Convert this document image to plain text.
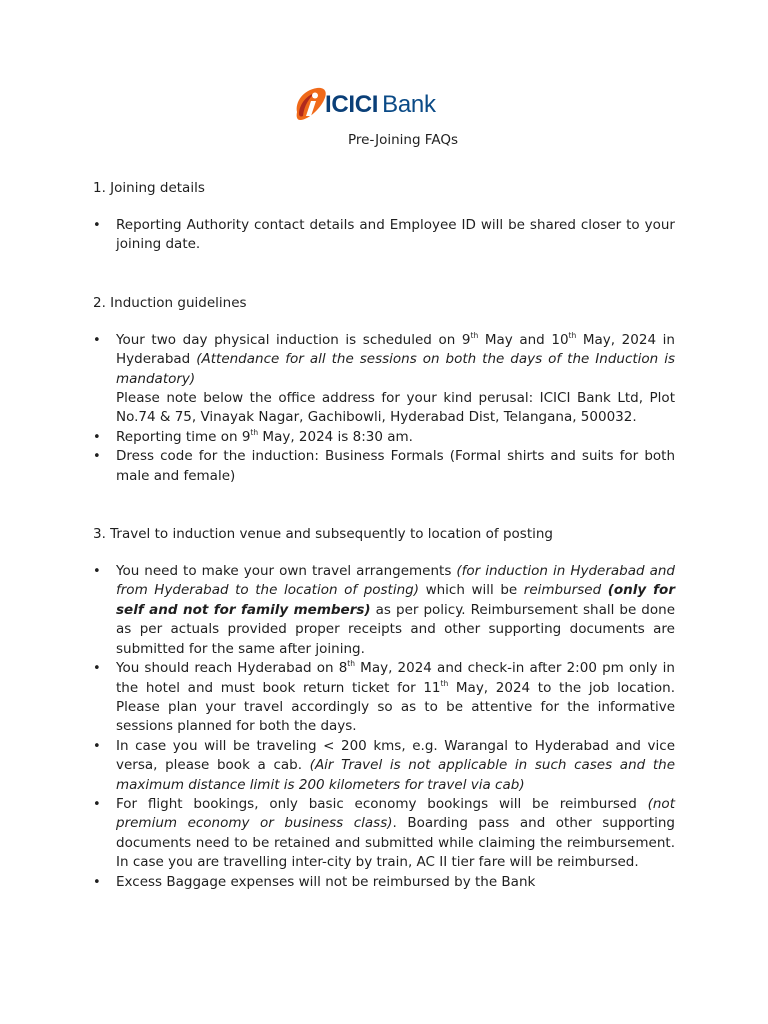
ICICI Bank
Pre-Joining FAQs

1. Joining details

• Reporting Authority contact details and Employee ID will be shared closer to your joining date.

2. Induction guidelines

• Your two day physical induction is scheduled on 9th May and 10th May, 2024 in Hyderabad (Attendance for all the sessions on both the days of the Induction is mandatory)
Please note below the office address for your kind perusal: ICICI Bank Ltd, Plot No.74 & 75, Vinayak Nagar, Gachibowli, Hyderabad Dist, Telangana, 500032.
• Reporting time on 9th May, 2024 is 8:30 am.
• Dress code for the induction: Business Formals (Formal shirts and suits for both male and female)

3. Travel to induction venue and subsequently to location of posting

• You need to make your own travel arrangements (for induction in Hyderabad and from Hyderabad to the location of posting) which will be reimbursed (only for self and not for family members) as per policy. Reimbursement shall be done as per actuals provided proper receipts and other supporting documents are submitted for the same after joining.
• You should reach Hyderabad on 8th May, 2024 and check-in after 2:00 pm only in the hotel and must book return ticket for 11th May, 2024 to the job location. Please plan your travel accordingly so as to be attentive for the informative sessions planned for both the days.
• In case you will be traveling < 200 kms, e.g. Warangal to Hyderabad and vice versa, please book a cab. (Air Travel is not applicable in such cases and the maximum distance limit is 200 kilometers for travel via cab)
• For flight bookings, only basic economy bookings will be reimbursed (not premium economy or business class). Boarding pass and other supporting documents need to be retained and submitted while claiming the reimbursement. In case you are travelling inter-city by train, AC II tier fare will be reimbursed.
• Excess Baggage expenses will not be reimbursed by the Bank
